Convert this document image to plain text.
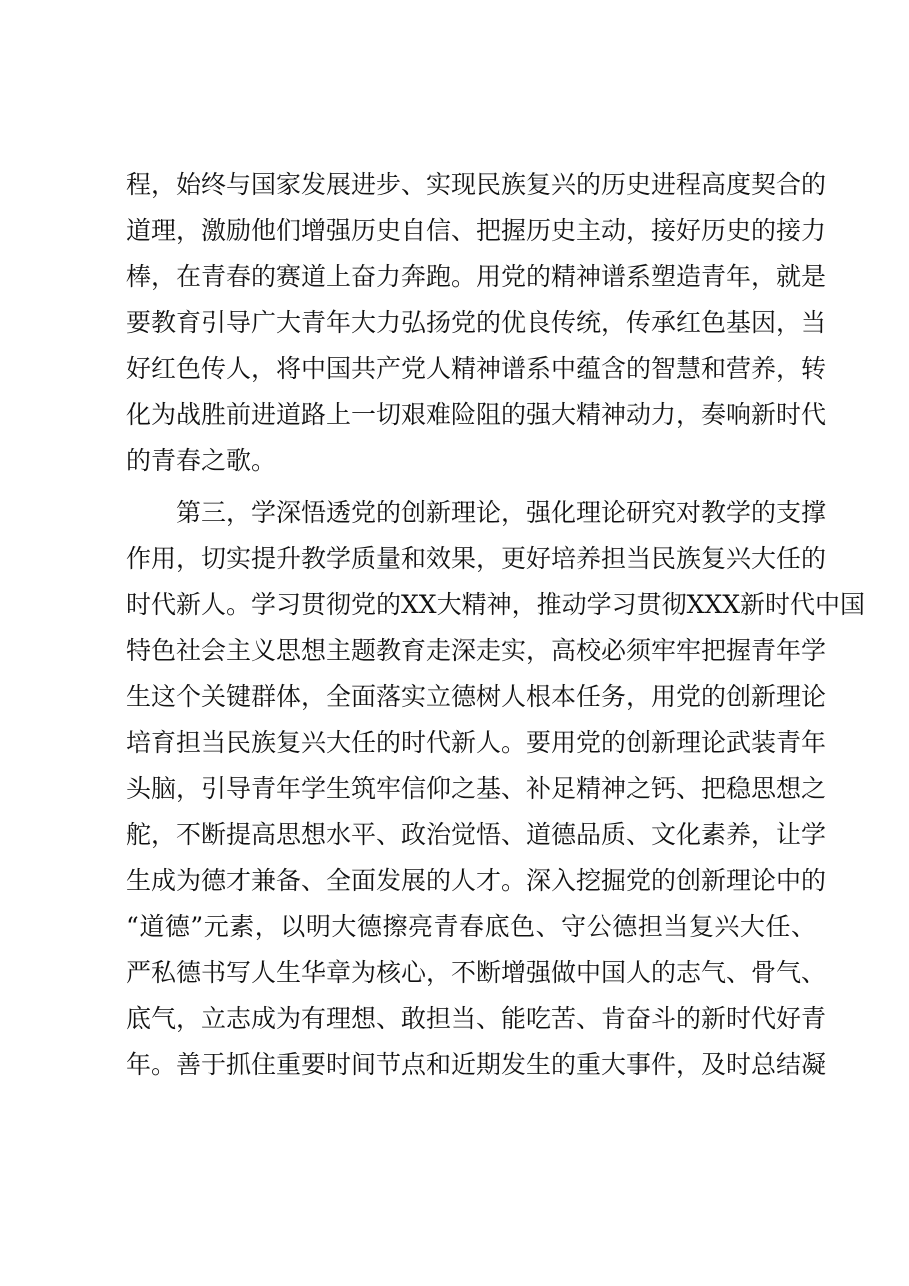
程，始终与国家发展进步、实现民族复兴的历史进程高度契合的
道理，激励他们增强历史自信、把握历史主动，接好历史的接力
棒，在青春的赛道上奋力奔跑。用党的精神谱系塑造青年，就是
要教育引导广大青年大力弘扬党的优良传统，传承红色基因，当
好红色传人，将中国共产党人精神谱系中蕴含的智慧和营养，转
化为战胜前进道路上一切艰难险阻的强大精神动力，奏响新时代
的青春之歌。
第三，学深悟透党的创新理论，强化理论研究对教学的支撑
作用，切实提升教学质量和效果，更好培养担当民族复兴大任的
时代新人。学习贯彻党的XX大精神，推动学习贯彻XXX新时代中国
特色社会主义思想主题教育走深走实，高校必须牢牢把握青年学
生这个关键群体，全面落实立德树人根本任务，用党的创新理论
培育担当民族复兴大任的时代新人。要用党的创新理论武装青年
头脑，引导青年学生筑牢信仰之基、补足精神之钙、把稳思想之
舵，不断提高思想水平、政治觉悟、道德品质、文化素养，让学
生成为德才兼备、全面发展的人才。深入挖掘党的创新理论中的
“道德”元素，以明大德擦亮青春底色、守公德担当复兴大任、
严私德书写人生华章为核心，不断增强做中国人的志气、骨气、
底气，立志成为有理想、敢担当、能吃苦、肯奋斗的新时代好青
年。善于抓住重要时间节点和近期发生的重大事件，及时总结凝
